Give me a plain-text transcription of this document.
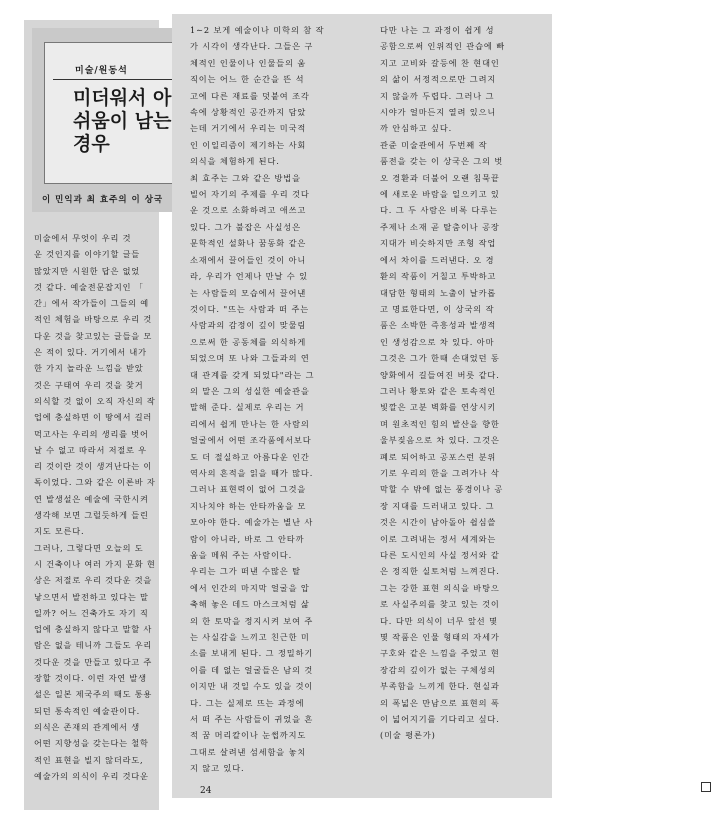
미술/원동석
미더워서 아쉬움이 남는 경우
이 민익과 최 효주의 이 상국

미술에서 무엇이 우리 것

운 것인지를 이야기할 글들

많았지만 시원한 답은 없었

것 같다. 예술전문잡지인 「

간」에서 작가들이 그들의 예

적인 체험을 바탕으로 우리 것

다운 것을 찾고있는 글들을 모

은 적이 있다. 거기에서 내가

한 가지 놀라운 느낌을 받았

것은 구태여 우리 것을 찾거

의식할 것 없이 오직 자신의 작

업에 충실하면 이 땅에서 길러

먹고사는 우리의 생리를 벗어

날 수 없고 따라서 저절로 우

리 것이란 것이 생겨난다는 이

독이었다. 그와 같은 이론바 자

연 발생설은 예술에 국한시켜

생각해 보면 그럴듯하게 들린

지도 모른다.

그러나, 그렇다면 오늘의 도

시 건축이나 여러 가지 문화 현

상은 저절로 우리 것다운 것을

낳으면서 발전하고 있다는 말

일까? 어느 건축가도 자기 직

업에 충실하지 않다고 말할 사

람은 없을 테니까 그들도 우리

것다운 것을 만들고 있다고 주

장할 것이다. 이런 자연 발생

설은 일본 제국주의 때도 통용

되던 통속적인 예술관이다.

의식은 존재의 관계에서 생

어떤 지향성을 갖는다는 철학

적인 표현을 빌지 않더라도,

예술가의 의식이 우리 것다운

1∼2 보게 예술이나 미학의 참 작

가 시각이 생각난다. 그들은 구

체적인 인물이나 인물들의 움

직이는 어느 한 순간을 뜬 석

고에 다른 재료를 덧붙여 조각

속에 상황적인 공간까지 담았

는데 거기에서 우리는 미국적

인 이일리즘이 제기하는 사회

의식을 체험하게 된다.

최 효주는 그와 같은 방법을

빌어 자기의 주제를 우리 것다

운 것으로 소화하려고 애쓰고

있다. 그가 불잡은 사실성은

문학적인 설화나 꿈동화 같은

소재에서 끌어들인 것이 아니

라, 우리가 언제나 만날 수 있

는 사람들의 모습에서 끌어낸

것이다. "뜨는 사람과 떠 주는

사람과의 감정이 깊이 맞물림

으로써 한 공동체를 의식하게

되었으며 또 나와 그들과의 연

대 관계를 갖게 되었다"라는 그

의 말은 그의 성실한 예술관을

말해 준다. 실제로 우리는 거

리에서 쉽게 만나는 한 사람의

얼굴에서 어떤 조각품에서보다

도 더 절실하고 아름다운 인간

역사의 흔적을 읽을 때가 많다.

그러나 표현력이 없어 그것을

지나치야 하는 안타까움을 모

모아야 한다. 예술가는 별난 사

람이 아니라, 바로 그 안타까

움을 메워 주는 사람이다.

우리는 그가 떠낸 수많은 탈

에서 인간의 마지막 얼굴을 압

축해 놓은 데드 마스크처럼 삶

의 한 토막을 정지시켜 보여 주

는 사실감을 느끼고 친근한 미

소를 보내게 된다. 그 정밀하기

이를 데 없는 얼굴들은 남의 것

이지만 내 것일 수도 있을 것이

다. 그는 실제로 뜨는 과정에

서 떠 주는 사람들이 귀었을 흔

적 꿈 머리칼이나 눈썹까지도

그대로 살려낸 섬세함을 놓치

지 않고 있다.

다만 나는 그 과정이 쉽게 성

공함으로써 인위적인 관습에 빠

지고 고비와 갈등에 찬 현대인

의 삶이 서정적으로만 그려지

지 않을까 두렵다. 그러나 그

시야가 얼마든지 열려 있으니

까 안심하고 싶다.

관쥰 미술관에서 두번째 작

품전을 갖는 이 상국은 그의 벗

오 경환과 더불어 오랜 침묵끝

에 새로운 바람을 일으키고 있

다. 그 두 사람은 비록 다루는

주제나 소재 곧 탈춤이나 공장

지대가 비슷하지만 조형 작업

에서 차이를 드러낸다. 오 경

환의 작품이 거칠고 투박하고

대담한 형태의 노출이 날카롭

고 명료한다면, 이 상국의 작

품은 소박한 즉흥성과 발생적

인 생성감으로 차 있다. 아마

그것은 그가 한때 손대었던 동

양화에서 길들여진 버릇 같다.

그러나 황토와 같은 토속적인

빛깔은 고분 벽화를 연상시키

며 원초적인 힘의 발산을 향한

울부짖음으로 차 있다. 그것은

폐로 되어하고 공포스런 분위

기로 우리의 한을 그려가나 삭

막할 수 밖에 없는 풍경이나 공

장 지대를 드러내고 있다. 그

것은 시간이 남아돌아 쉽심쓸

이로 그려내는 정서 세계와는

다른 도시인의 사실 정서와 같

은 정직한 실토처럼 느껴진다.

그는 강한 표현 의식을 바탕으

로 사실주의를 찾고 있는 것이

다. 다만 의식이 너무 앞선 몇

몇 작품은 인물 형태의 자세가

구호와 같은 느낌을 주었고 현

장감의 깊이가 없는 구체성의

부족함을 느끼게 한다. 현실과

의 폭넓은 만남으로 표현의 폭

이 넓어지기를 기다리고 싶다.

(미술 평론가)

24
